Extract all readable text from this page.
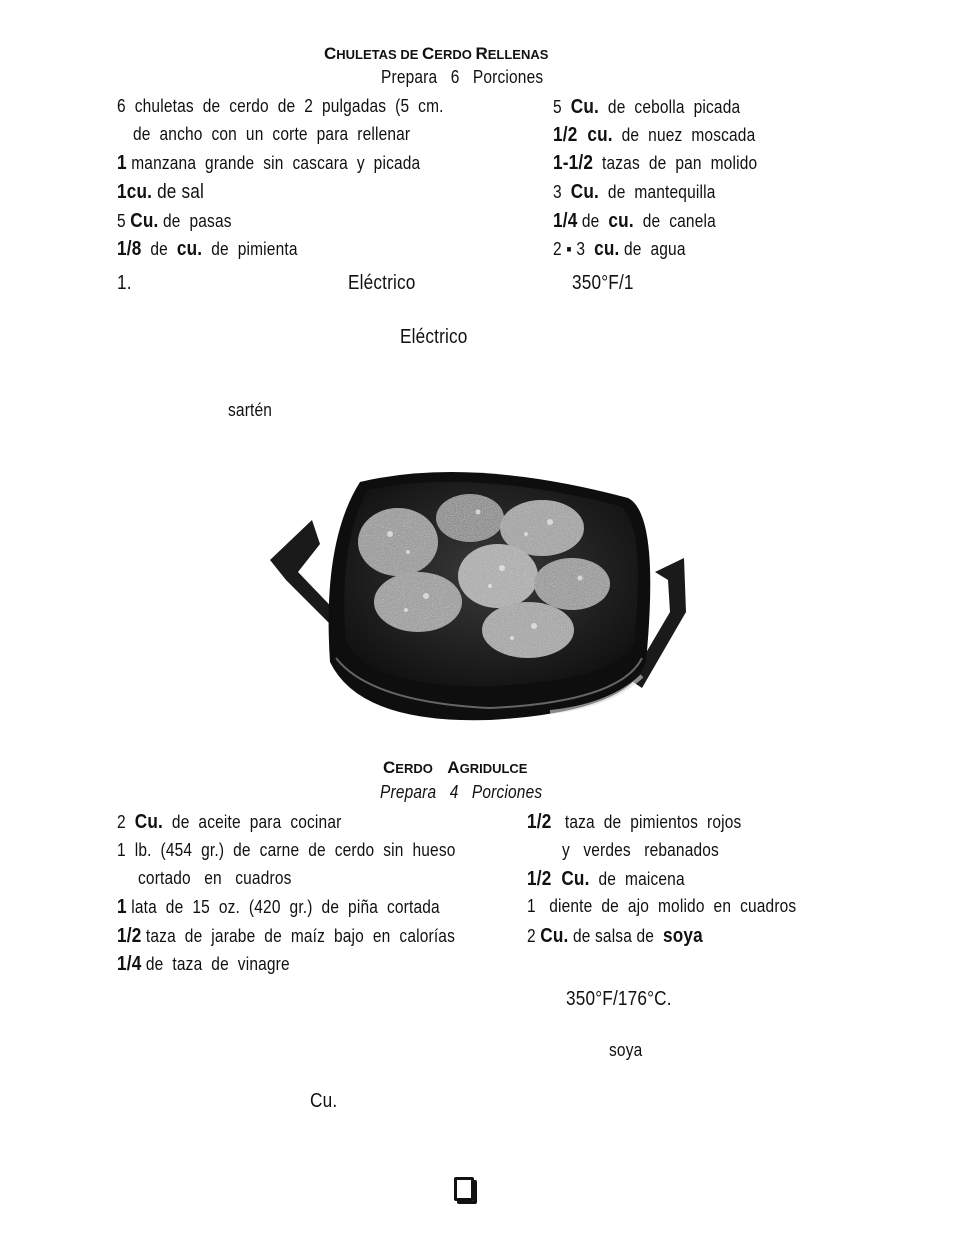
CHULETAS DE CERDO RELLENAS
Prepara   6   Porciones
6  chuletas  de  cerdo  de  2  pulgadas  (5  cm.
de  ancho  con  un  corte  para  rellenar
1 manzana  grande  sin  cascara  y  picada
1cu. de sal
5 Cu. de  pasas
1/8  de  cu.  de  pimienta
5  Cu.  de  cebolla  picada
1/2  cu.  de  nuez  moscada
1-1/2  tazas  de  pan  molido
3  Cu.  de  mantequilla
1/4 de  cu.  de  canela
2 ▪ 3  cu. de  agua
1.	Eléctrico	350°F/1
Eléctrico
sartén
CERDO    AGRIDULCE
Prepara   4   Porciones
2  Cu.  de  aceite  para  cocinar
1  lb.  (454  gr.)  de  carne  de  cerdo  sin  hueso
cortado   en   cuadros
1 lata  de  15  oz.  (420  gr.)  de  piña  cortada
1/2 taza  de  jarabe  de  maíz  bajo  en  calorías
1/4 de  taza  de  vinagre
1/2   taza  de  pimientos  rojos
y   verdes   rebanados
1/2  Cu.  de  maicena
1   diente  de  ajo  molido  en  cuadros
2 Cu. de salsa de  soya
350°F/176°C.
soya
Cu.
